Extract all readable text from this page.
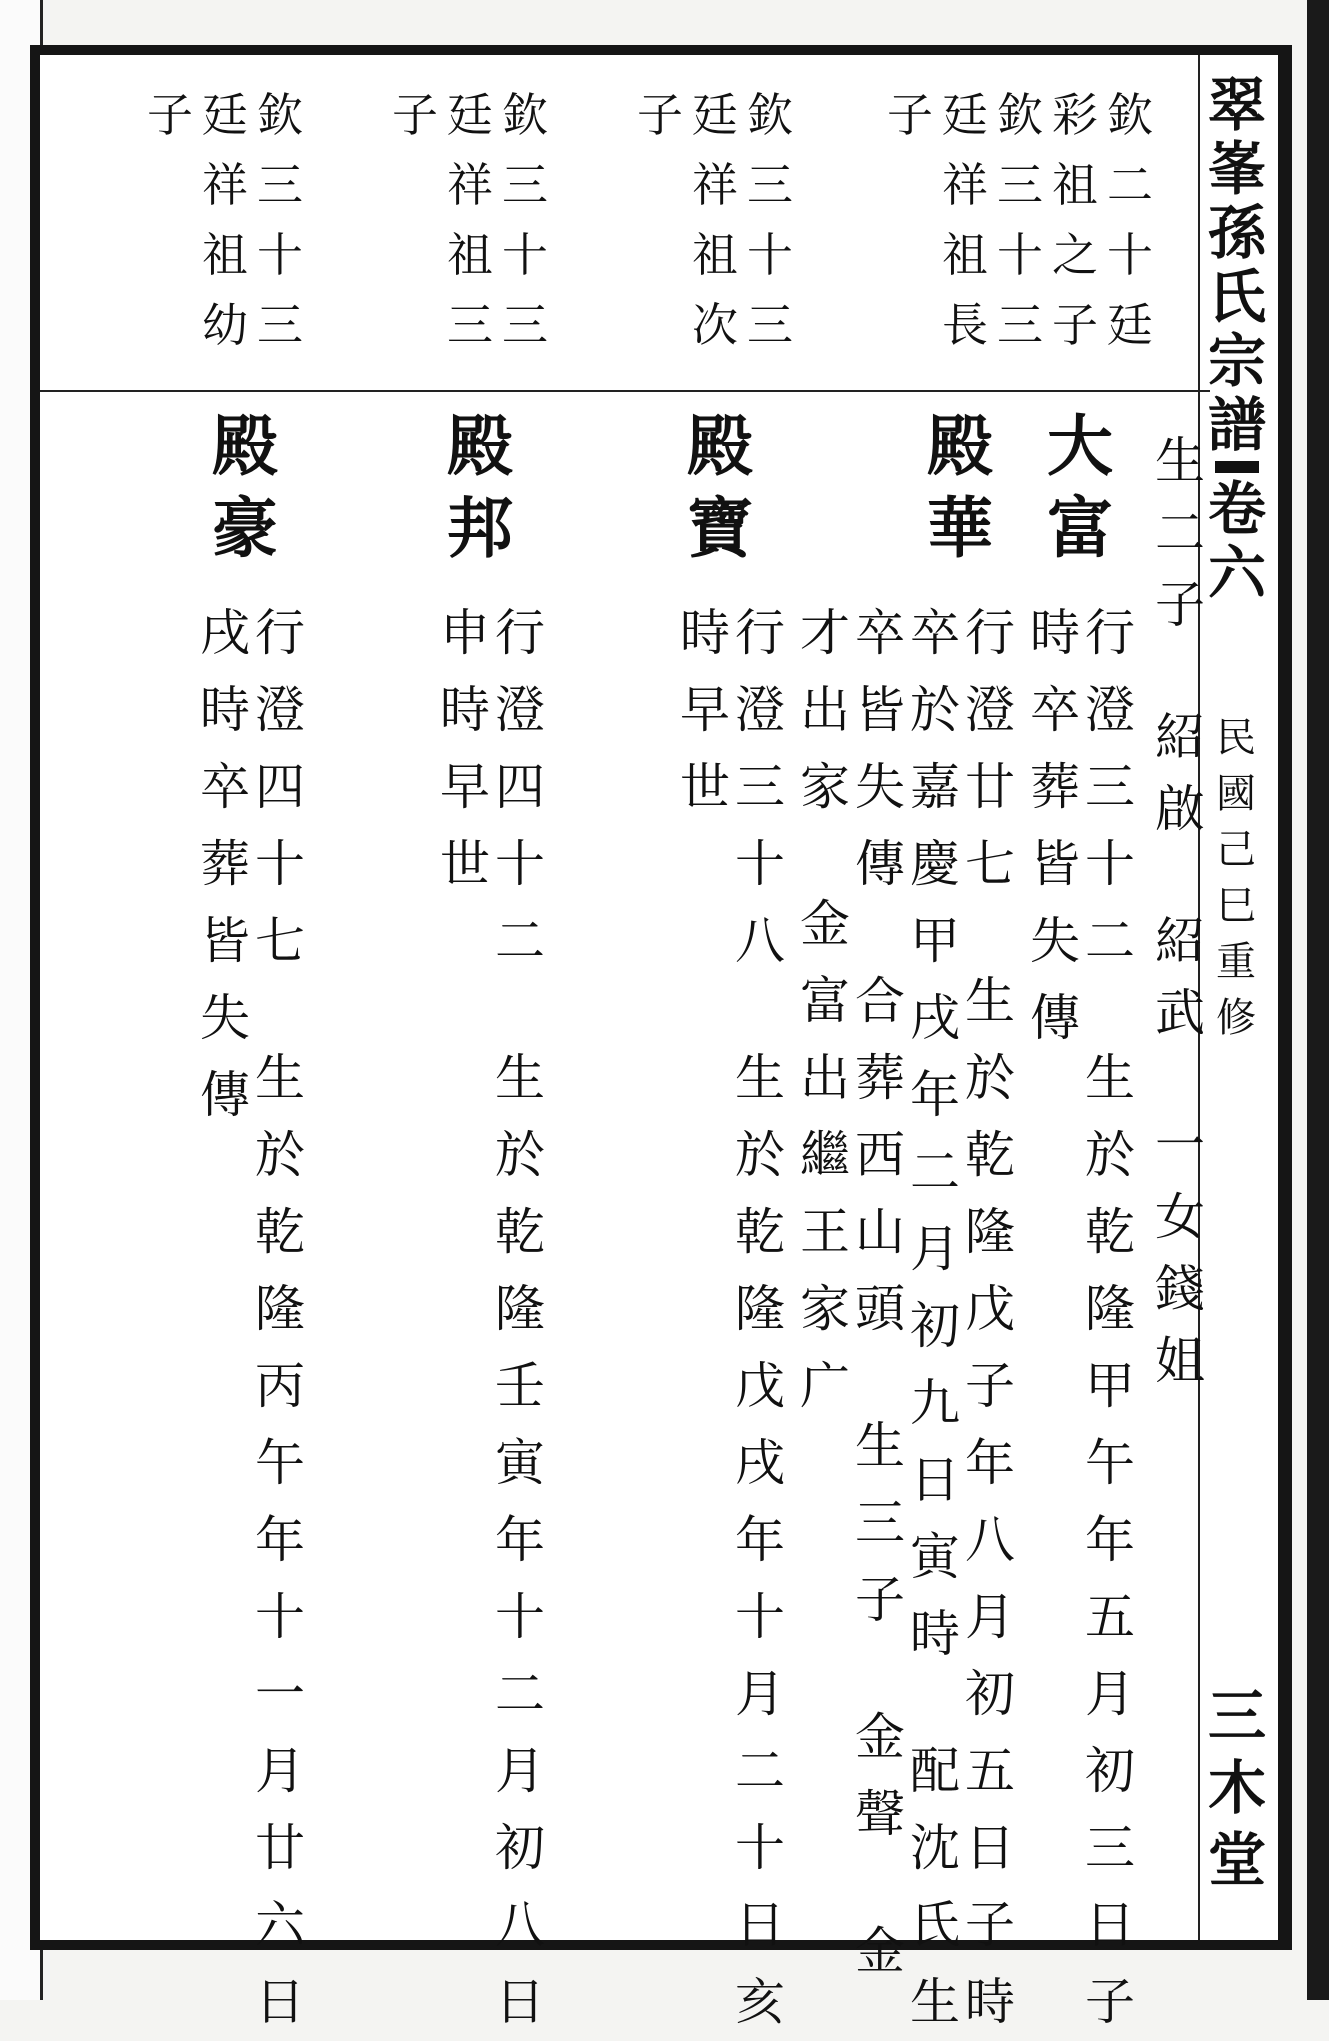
翠
峯
孫
氏
宗
譜
卷
六
民
國
己
巳
重
修
三
木
堂
欽
二
十
廷
彩
祖
之
子
欽
三
十
三
廷
祥
祖
長
子
欽
三
十
三
廷
祥
祖
次
子
欽
三
十
三
廷
祥
祖
三
子
欽
三
十
三
廷
祥
祖
幼
子
生
二
子
紹
啟
紹
武
一
女
錢
姐
大
富
行
澄
三
十
二
生
於
乾
隆
甲
午
年
五
月
初
三
日
子
時
卒
葬
皆
失
傳
殿
華
行
澄
廿
七
生
於
乾
隆
戊
子
年
八
月
初
五
日
子
時
卒
於
嘉
慶
甲
戌
年
二
月
初
九
日
寅
時
配
沈
氏
生
卒
皆
失
傳
合
葬
西
山
頭
生
三
子
金
聲
金
才
出
家
金
富
出
繼
王
家
广
殿
寶
行
澄
三
十
八
生
於
乾
隆
戊
戌
年
十
月
二
十
日
亥
時
早
世
殿
邦
行
澄
四
十
二
生
於
乾
隆
壬
寅
年
十
二
月
初
八
日
申
時
早
世
殿
豪
行
澄
四
十
七
生
於
乾
隆
丙
午
年
十
一
月
廿
六
日
戌
時
卒
葬
皆
失
傳
